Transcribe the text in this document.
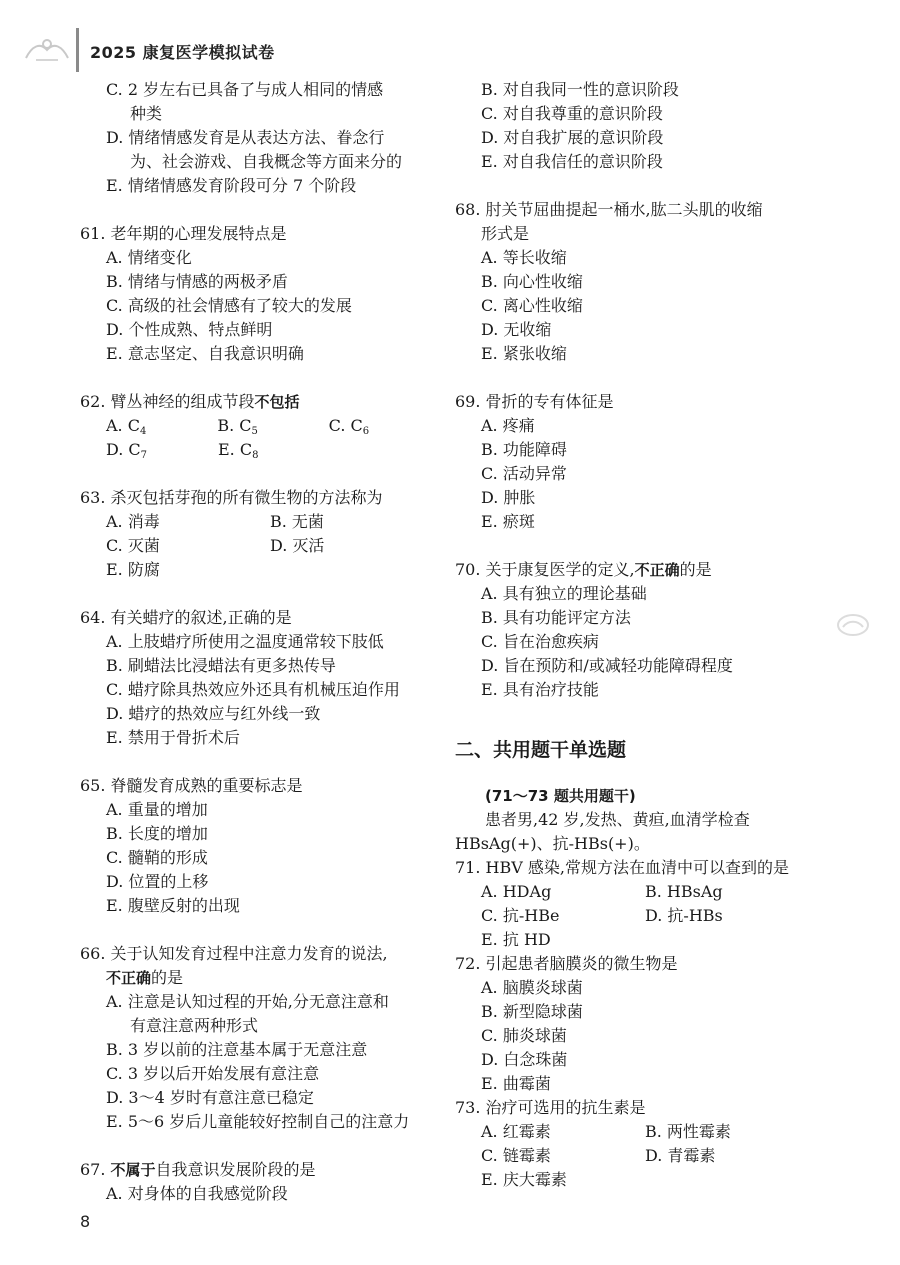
2025 康复医学模拟试卷
C. 2 岁左右已具备了与成人相同的情感
种类
D. 情绪情感发育是从表达方法、眷念行
为、社会游戏、自我概念等方面来分的
E. 情绪情感发育阶段可分 7 个阶段
61. 老年期的心理发展特点是
A. 情绪变化
B. 情绪与情感的两极矛盾
C. 高级的社会情感有了较大的发展
D. 个性成熟、特点鲜明
E. 意志坚定、自我意识明确
62. 臂丛神经的组成节段不包括
A. $C_4$	B. $C_5$	C. $C_6$
D. $C_7$	E. $C_8$
63. 杀灭包括芽孢的所有微生物的方法称为
A. 消毒	B. 无菌
C. 灭菌	D. 灭活
E. 防腐
64. 有关蜡疗的叙述,正确的是
A. 上肢蜡疗所使用之温度通常较下肢低
B. 刷蜡法比浸蜡法有更多热传导
C. 蜡疗除具热效应外还具有机械压迫作用
D. 蜡疗的热效应与红外线一致
E. 禁用于骨折术后
65. 脊髓发育成熟的重要标志是
A. 重量的增加
B. 长度的增加
C. 髓鞘的形成
D. 位置的上移
E. 腹壁反射的出现
66. 关于认知发育过程中注意力发育的说法,
不正确的是
A. 注意是认知过程的开始,分无意注意和
有意注意两种形式
B. 3 岁以前的注意基本属于无意注意
C. 3 岁以后开始发展有意注意
D. 3～4 岁时有意注意已稳定
E. 5～6 岁后儿童能较好控制自己的注意力
67. 不属于自我意识发展阶段的是
A. 对身体的自我感觉阶段
B. 对自我同一性的意识阶段
C. 对自我尊重的意识阶段
D. 对自我扩展的意识阶段
E. 对自我信任的意识阶段
68. 肘关节屈曲提起一桶水,肱二头肌的收缩
形式是
A. 等长收缩
B. 向心性收缩
C. 离心性收缩
D. 无收缩
E. 紧张收缩
69. 骨折的专有体征是
A. 疼痛
B. 功能障碍
C. 活动异常
D. 肿胀
E. 瘀斑
70. 关于康复医学的定义,不正确的是
A. 具有独立的理论基础
B. 具有功能评定方法
C. 旨在治愈疾病
D. 旨在预防和/或减轻功能障碍程度
E. 具有治疗技能
二、共用题干单选题
(71～73 题共用题干)
患者男,42 岁,发热、黄疸,血清学检查
HBsAg(+)、抗-HBs(+)。
71. HBV 感染,常规方法在血清中可以查到的是
A. HDAg	B. HBsAg
C. 抗-HBe	D. 抗-HBs
E. 抗 HD
72. 引起患者脑膜炎的微生物是
A. 脑膜炎球菌
B. 新型隐球菌
C. 肺炎球菌
D. 白念珠菌
E. 曲霉菌
73. 治疗可选用的抗生素是
A. 红霉素	B. 两性霉素
C. 链霉素	D. 青霉素
E. 庆大霉素
8
